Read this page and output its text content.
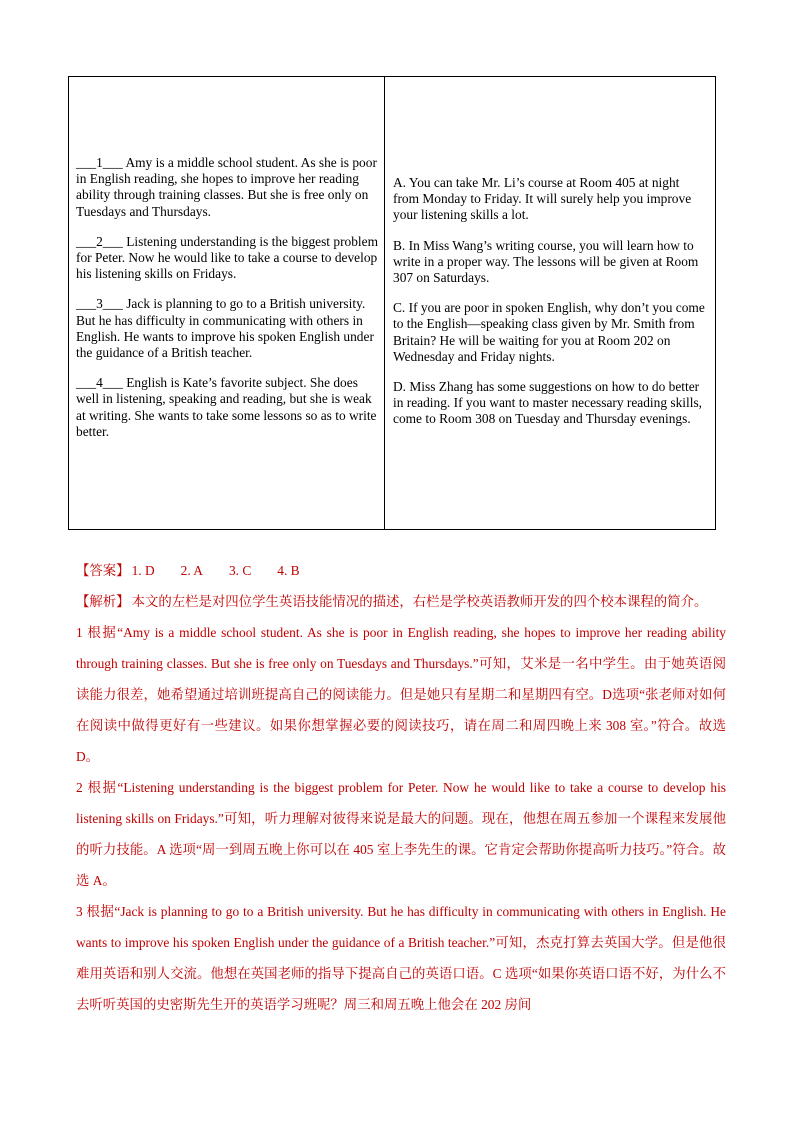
___1___ Amy is a middle school student. As she is poor in English reading, she hopes to improve her reading ability through training classes. But she is free only on Tuesdays and Thursdays.

___2___ Listening understanding is the biggest problem for Peter. Now he would like to take a course to develop his listening skills on Fridays.

___3___ Jack is planning to go to a British university. But he has difficulty in communicating with others in English. He wants to improve his spoken English under the guidance of a British teacher.

___4___ English is Kate’s favorite subject. She does well in listening, speaking and reading, but she is weak at writing. She wants to take some lessons so as to write better.

A. You can take Mr. Li’s course at Room 405 at night from Monday to Friday. It will surely help you improve your listening skills a lot.

B. In Miss Wang’s writing course, you will learn how to write in a proper way. The lessons will be given at Room 307 on Saturdays.

C. If you are poor in spoken English, why don’t you come to the English—speaking class given by Mr. Smith from Britain? He will be waiting for you at Room 202 on Wednesday and Friday nights.

D. Miss Zhang has some suggestions on how to do better in reading. If you want to master necessary reading skills, come to Room 308 on Tuesday and Thursday evenings.

【答案】 1. D 2. A 3. C 4. B

【解析】 本文的左栏是对四位学生英语技能情况的描述，右栏是学校英语教师开发的四个校本课程的简介。

1 根据“Amy is a middle school student. As she is poor in English reading, she hopes to improve her reading ability through training classes. But she is free only on Tuesdays and Thursdays.”可知，艾米是一名中学生。由于她英语阅读能力很差，她希望通过培训班提高自己的阅读能力。但是她只有星期二和星期四有空。D选项“张老师对如何在阅读中做得更好有一些建议。如果你想掌握必要的阅读技巧，请在周二和周四晚上来 308 室。”符合。故选 D。

2 根据“Listening understanding is the biggest problem for Peter. Now he would like to take a course to develop his listening skills on Fridays.”可知，听力理解对彼得来说是最大的问题。现在，他想在周五参加一个课程来发展他的听力技能。A 选项“周一到周五晚上你可以在 405 室上李先生的课。它肯定会帮助你提高听力技巧。”符合。故选 A。

3 根据“Jack is planning to go to a British university. But he has difficulty in communicating with others in English. He wants to improve his spoken English under the guidance of a British teacher.”可知，杰克打算去英国大学。但是他很难用英语和别人交流。他想在英国老师的指导下提高自己的英语口语。C 选项“如果你英语口语不好，为什么不去听听英国的史密斯先生开的英语学习班呢？周三和周五晚上他会在 202 房间
